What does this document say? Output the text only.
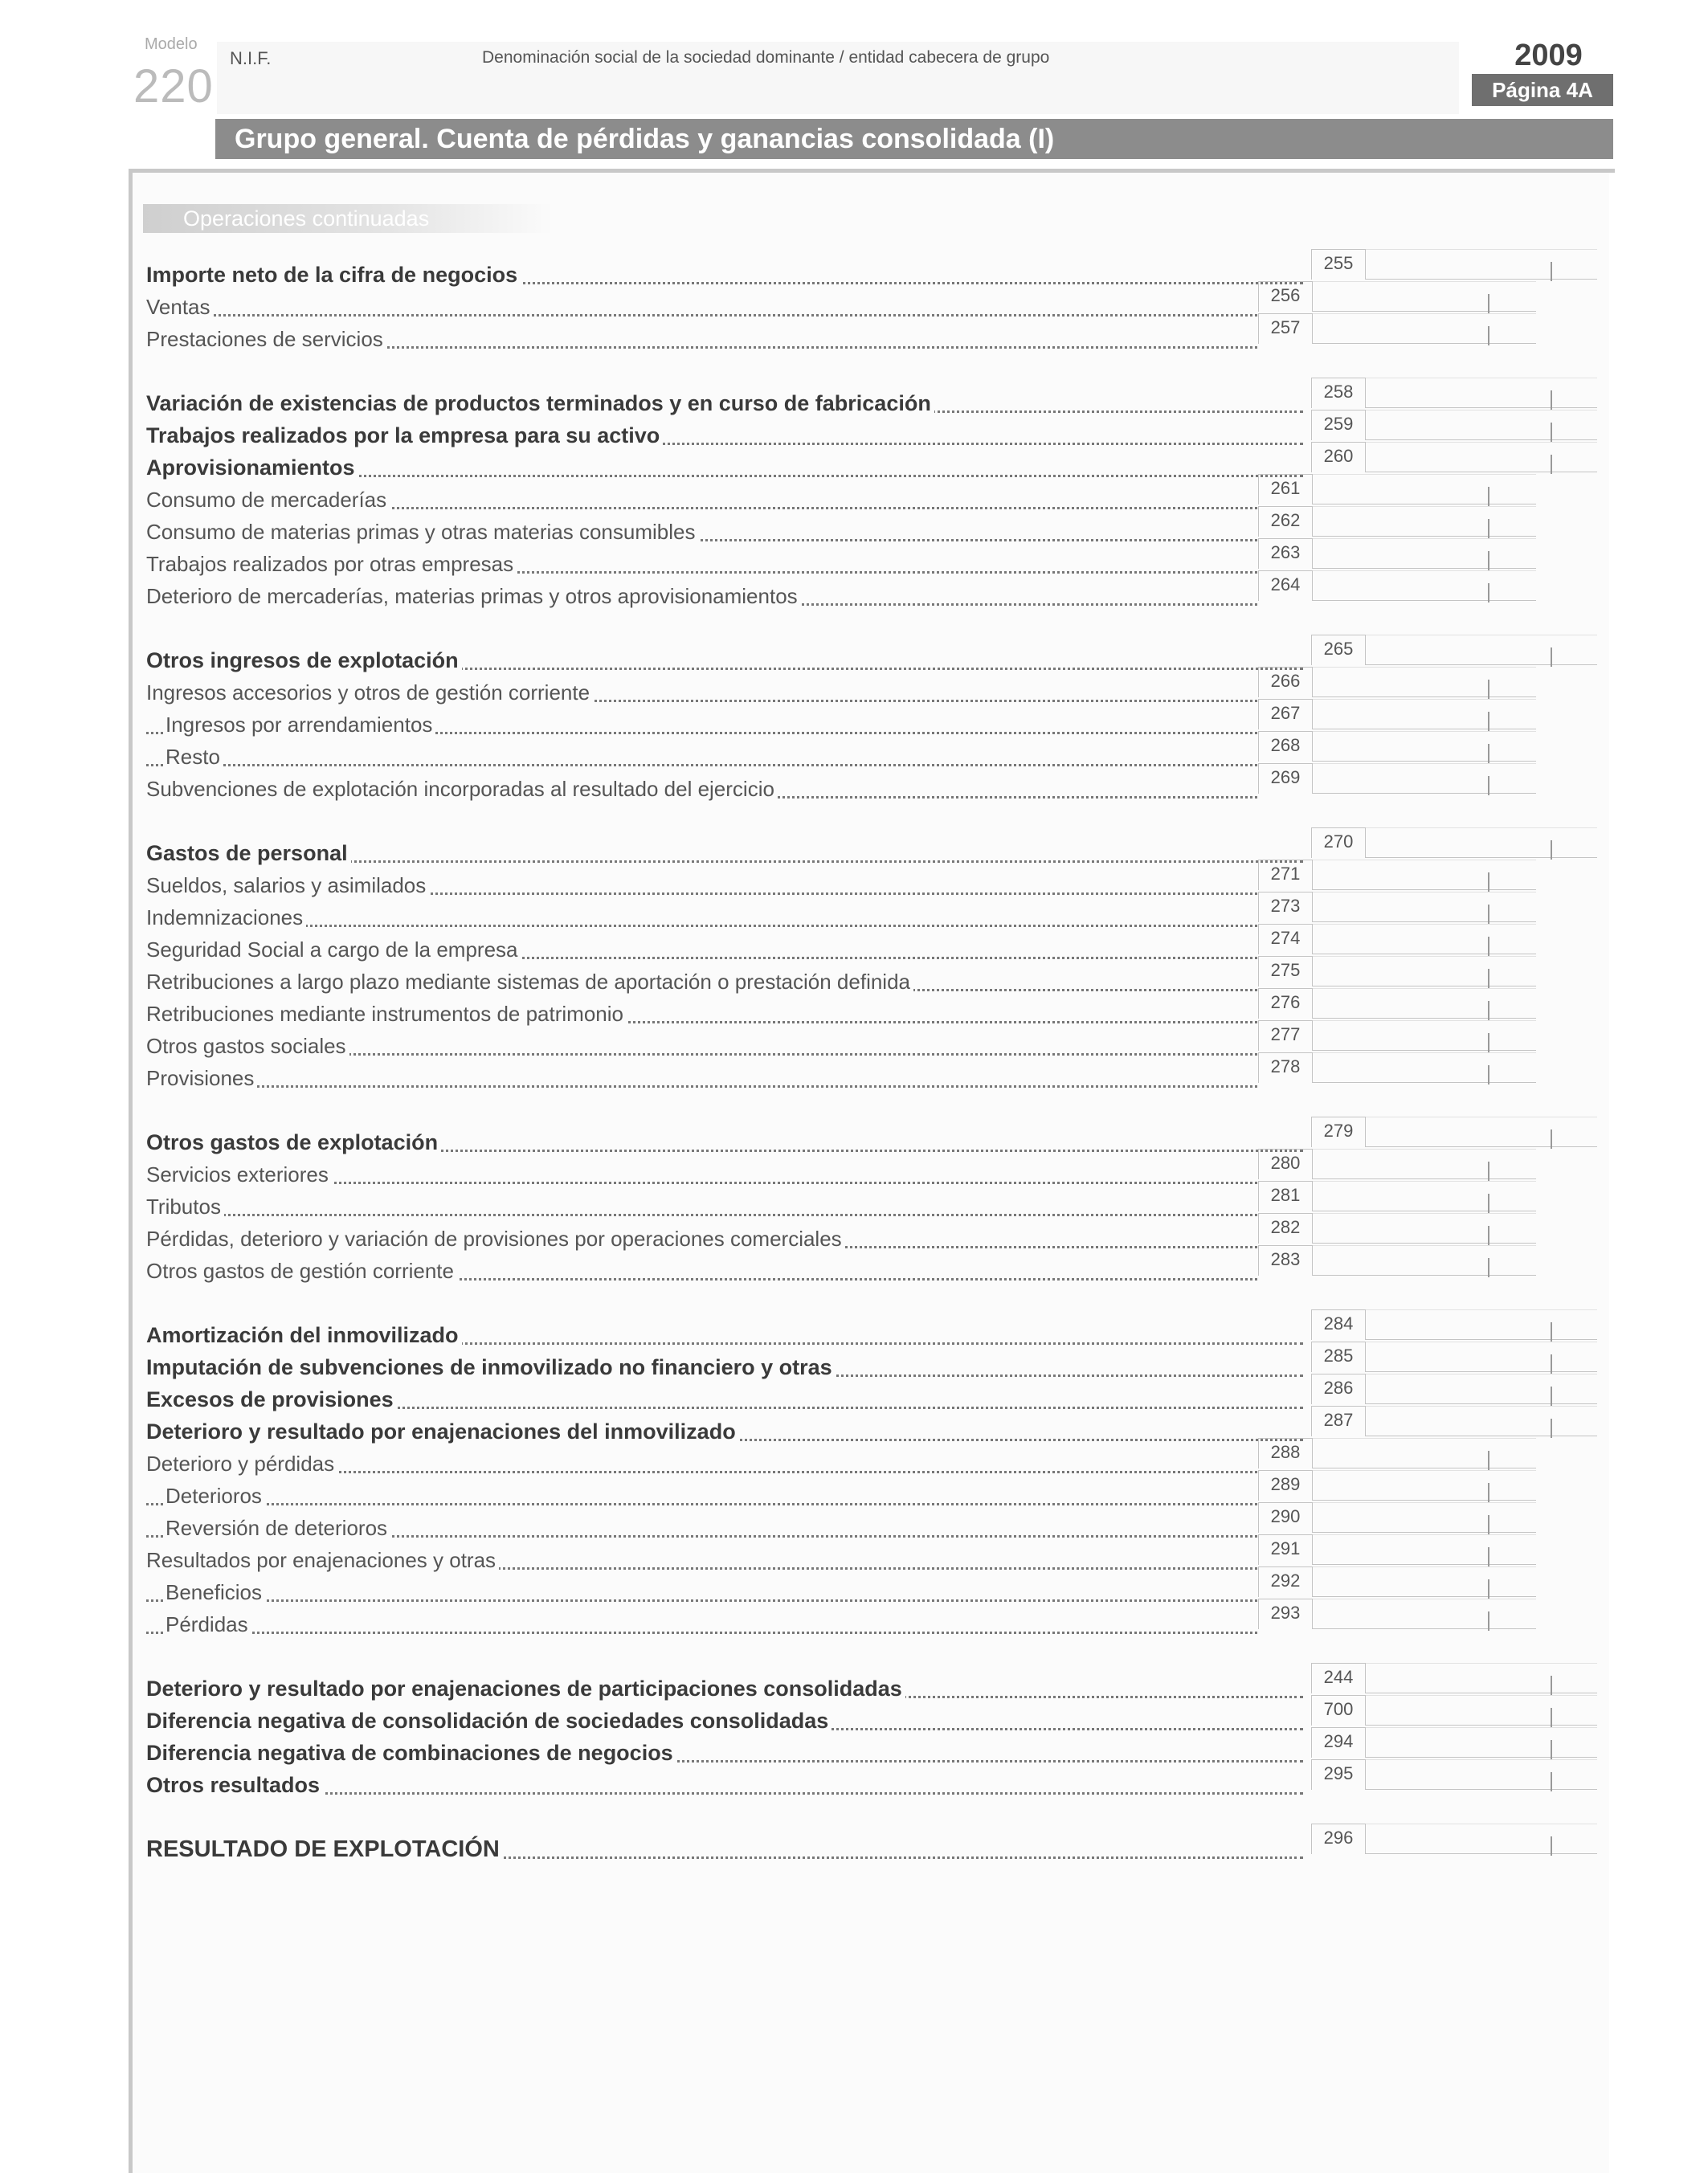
Modelo
220
N.I.F.	Denominación social de la sociedad dominante / entidad cabecera de grupo	2009
Página 4A
Grupo general. Cuenta de pérdidas y ganancias consolidada (I)
Operaciones continuadas
Importe neto de la cifra de negocios	255
Ventas	256
Prestaciones de servicios	257
Variación de existencias de productos terminados y en curso de fabricación	258
Trabajos realizados por la empresa para su activo	259
Aprovisionamientos	260
Consumo de mercaderías	261
Consumo de materias primas y otras materias consumibles	262
Trabajos realizados por otras empresas	263
Deterioro de mercaderías, materias primas y otros aprovisionamientos	264
Otros ingresos de explotación	265
Ingresos accesorios y otros de gestión corriente	266
Ingresos por arrendamientos	267
Resto	268
Subvenciones de explotación incorporadas al resultado del ejercicio	269
Gastos de personal	270
Sueldos, salarios y asimilados	271
Indemnizaciones	273
Seguridad Social a cargo de la empresa	274
Retribuciones a largo plazo mediante sistemas de aportación o prestación definida	275
Retribuciones mediante instrumentos de patrimonio	276
Otros gastos sociales	277
Provisiones	278
Otros gastos de explotación	279
Servicios exteriores	280
Tributos	281
Pérdidas, deterioro y variación de provisiones por operaciones comerciales	282
Otros gastos de gestión corriente	283
Amortización del inmovilizado	284
Imputación de subvenciones de inmovilizado no financiero y otras	285
Excesos de provisiones	286
Deterioro y resultado por enajenaciones del inmovilizado	287
Deterioro y pérdidas	288
Deterioros	289
Reversión de deterioros	290
Resultados por enajenaciones y otras	291
Beneficios	292
Pérdidas	293
Deterioro y resultado por enajenaciones de participaciones consolidadas	244
Diferencia negativa de consolidación de sociedades consolidadas	700
Diferencia negativa de combinaciones de negocios	294
Otros resultados	295
RESULTADO DE EXPLOTACIÓN	296
